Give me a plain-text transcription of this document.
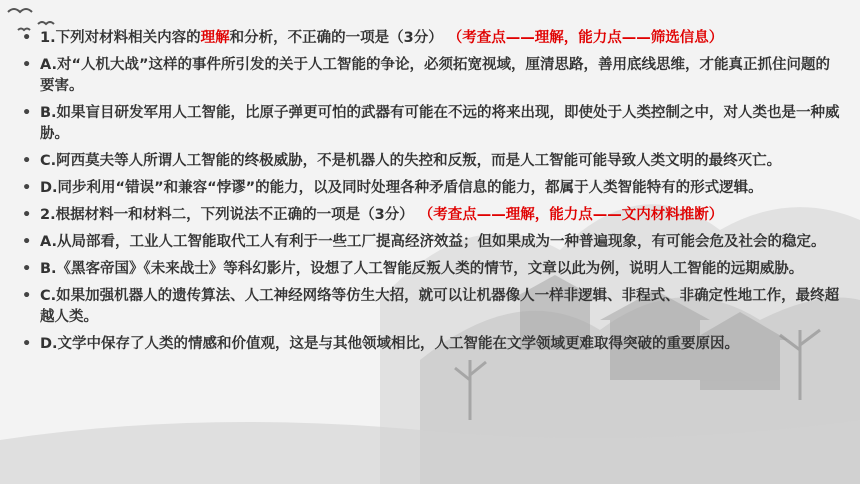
• 1.下列对材料相关内容的理解和分析，不正确的一项是（3分） （考查点——理解，能力点——筛选信息）
• A.对“人机大战”这样的事件所引发的关于人工智能的争论，必须拓宽视域，厘清思路，善用底线思维，才能真正抓住问题的要害。
• B.如果盲目研发军用人工智能，比原子弹更可怕的武器有可能在不远的将来出现，即使处于人类控制之中，对人类也是一种威胁。
• C.阿西莫夫等人所谓人工智能的终极威胁，不是机器人的失控和反叛，而是人工智能可能导致人类文明的最终灭亡。
• D.同步利用“错误”和兼容“悖谬”的能力，以及同时处理各种矛盾信息的能力，都属于人类智能特有的形式逻辑。
• 2.根据材料一和材料二，下列说法不正确的一项是（3分） （考查点——理解，能力点——文内材料推断）
• A.从局部看，工业人工智能取代工人有利于一些工厂提高经济效益；但如果成为一种普遍现象，有可能会危及社会的稳定。
• B.《黑客帝国》《未来战士》等科幻影片，设想了人工智能反叛人类的情节，文章以此为例，说明人工智能的远期威胁。
• C.如果加强机器人的遗传算法、人工神经网络等仿生大招，就可以让机器像人一样非逻辑、非程式、非确定性地工作，最终超越人类。
• D.文学中保存了人类的情感和价值观，这是与其他领域相比，人工智能在文学领域更难取得突破的重要原因。
